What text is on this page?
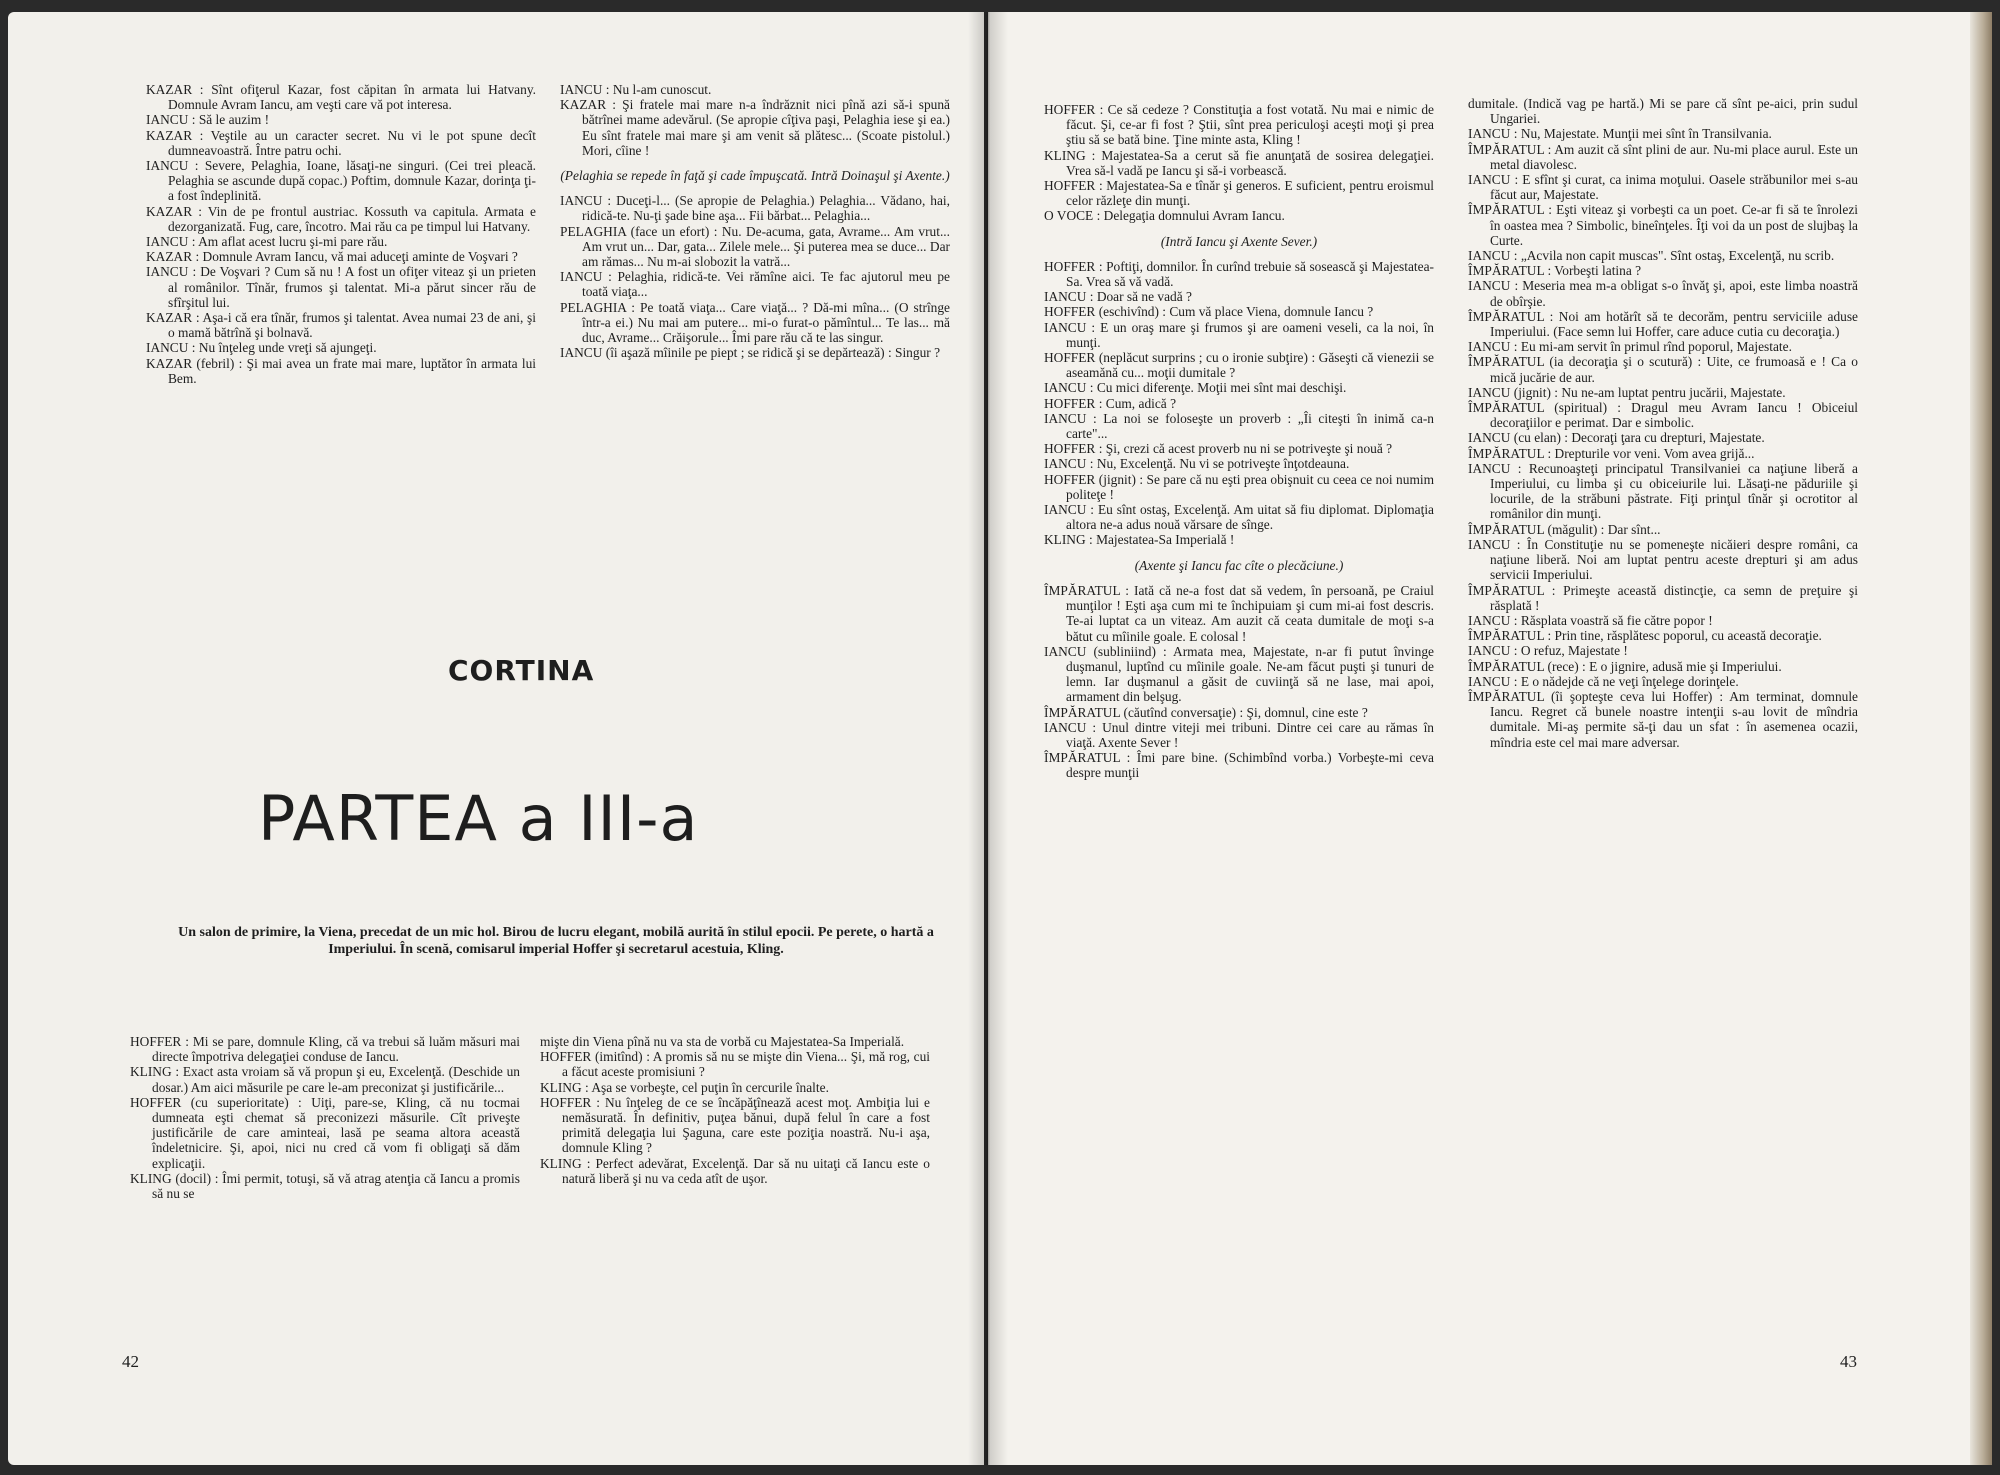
KAZAR : Sînt ofiţerul Kazar, fost căpitan în armata lui Hatvany. Domnule Avram Iancu, am veşti care vă pot interesa.

IANCU : Să le auzim !

KAZAR : Veştile au un caracter secret. Nu vi le pot spune decît dumneavoastră. Între patru ochi.

IANCU : Severe, Pelaghia, Ioane, lăsaţi-ne singuri. (Cei trei pleacă. Pelaghia se ascunde după copac.) Poftim, domnule Kazar, dorinţa ţi-a fost îndeplinită.

KAZAR : Vin de pe frontul austriac. Kossuth va capitula. Armata e dezorganizată. Fug, care, încotro. Mai rău ca pe timpul lui Hatvany.

IANCU : Am aflat acest lucru şi-mi pare rău.

KAZAR : Domnule Avram Iancu, vă mai aduceţi aminte de Voşvari ?

IANCU : De Voşvari ? Cum să nu ! A fost un ofiţer viteaz şi un prieten al românilor. Tînăr, frumos şi talentat. Mi-a părut sincer rău de sfîrşitul lui.

KAZAR : Aşa-i că era tînăr, frumos şi talentat. Avea numai 23 de ani, şi o mamă bătrînă şi bolnavă.

IANCU : Nu înţeleg unde vreţi să ajungeţi.

KAZAR (febril) : Şi mai avea un frate mai mare, luptător în armata lui Bem.

IANCU : Nu l-am cunoscut.

KAZAR : Şi fratele mai mare n-a îndrăznit nici pînă azi să-i spună bătrînei mame adevărul. (Se apropie cîţiva paşi, Pelaghia iese şi ea.) Eu sînt fratele mai mare şi am venit să plătesc... (Scoate pistolul.) Mori, cîine !

(Pelaghia se repede în faţă şi cade împuşcată. Intră Doinaşul şi Axente.)

IANCU : Duceţi-l... (Se apropie de Pelaghia.) Pelaghia... Vădano, hai, ridică-te. Nu-ţi şade bine aşa... Fii bărbat... Pelaghia...

PELAGHIA (face un efort) : Nu. De-acuma, gata, Avrame... Am vrut... Am vrut un... Dar, gata... Zilele mele... Şi puterea mea se duce... Dar am rămas... Nu m-ai slobozit la vatră...

IANCU : Pelaghia, ridică-te. Vei rămîne aici. Te fac ajutorul meu pe toată viaţa...

PELAGHIA : Pe toată viaţa... Care viaţă... ? Dă-mi mîna... (O strînge într-a ei.) Nu mai am putere... mi-o furat-o pămîntul... Te las... mă duc, Avrame... Crăişorule... Îmi pare rău că te las singur.

IANCU (îi aşază mîinile pe piept ; se ridică şi se depărtează) : Singur ?

CORTINA
PARTEA a III-a
Un salon de primire, la Viena, precedat de un mic hol. Birou de lucru elegant, mobilă aurită în stilul epocii. Pe perete, o hartă a Imperiului. În scenă, comisarul imperial Hoffer şi secretarul acestuia, Kling.

HOFFER : Mi se pare, domnule Kling, că va trebui să luăm măsuri mai directe împotriva delegaţiei conduse de Iancu.

KLING : Exact asta vroiam să vă propun şi eu, Excelenţă. (Deschide un dosar.) Am aici măsurile pe care le-am preconizat şi justificările...

HOFFER (cu superioritate) : Uiţi, pare-se, Kling, că nu tocmai dumneata eşti chemat să preconizezi măsurile. Cît priveşte justificările de care aminteai, lasă pe seama altora această îndeletnicire. Şi, apoi, nici nu cred că vom fi obligaţi să dăm explicaţii.

KLING (docil) : Îmi permit, totuşi, să vă atrag atenţia că Iancu a promis să nu se

mişte din Viena pînă nu va sta de vorbă cu Majestatea-Sa Imperială.

HOFFER (imitînd) : A promis să nu se mişte din Viena... Şi, mă rog, cui a făcut aceste promisiuni ?

KLING : Aşa se vorbeşte, cel puţin în cercurile înalte.

HOFFER : Nu înţeleg de ce se încăpăţînează acest moţ. Ambiţia lui e nemăsurată. În definitiv, puţea bănui, după felul în care a fost primită delegaţia lui Şaguna, care este poziţia noastră. Nu-i aşa, domnule Kling ?

KLING : Perfect adevărat, Excelenţă. Dar să nu uitaţi că Iancu este o natură liberă şi nu va ceda atît de uşor.

42

HOFFER : Ce să cedeze ? Constituţia a fost votată. Nu mai e nimic de făcut. Şi, ce-ar fi fost ? Ştii, sînt prea periculoşi aceşti moţi şi prea ştiu să se bată bine. Ţine minte asta, Kling !

KLING : Majestatea-Sa a cerut să fie anunţată de sosirea delegaţiei. Vrea să-l vadă pe Iancu şi să-i vorbească.

HOFFER : Majestatea-Sa e tînăr şi generos. E suficient, pentru eroismul celor răzleţe din munţi.

O VOCE : Delegaţia domnului Avram Iancu.

(Intră Iancu şi Axente Sever.)

HOFFER : Poftiţi, domnilor. În curînd trebuie să sosească şi Majestatea-Sa. Vrea să vă vadă.

IANCU : Doar să ne vadă ?

HOFFER (eschivînd) : Cum vă place Viena, domnule Iancu ?

IANCU : E un oraş mare şi frumos şi are oameni veseli, ca la noi, în munţi.

HOFFER (neplăcut surprins ; cu o ironie subţire) : Găseşti că vienezii se aseamănă cu... moţii dumitale ?

IANCU : Cu mici diferenţe. Moţii mei sînt mai deschişi.

HOFFER : Cum, adică ?

IANCU : La noi se foloseşte un proverb : „Îi citeşti în inimă ca-n carte"...

HOFFER : Şi, crezi că acest proverb nu ni se potriveşte şi nouă ?

IANCU : Nu, Excelenţă. Nu vi se potriveşte înţotdeauna.

HOFFER (jignit) : Se pare că nu eşti prea obişnuit cu ceea ce noi numim politeţe !

IANCU : Eu sînt ostaş, Excelenţă. Am uitat să fiu diplomat. Diplomaţia altora ne-a adus nouă vărsare de sînge.

KLING : Majestatea-Sa Imperială !

(Axente şi Iancu fac cîte o plecăciune.)

ÎMPĂRATUL : Iată că ne-a fost dat să vedem, în persoană, pe Craiul munţilor ! Eşti aşa cum mi te închipuiam şi cum mi-ai fost descris. Te-ai luptat ca un viteaz. Am auzit că ceata dumitale de moţi s-a bătut cu mîinile goale. E colosal !

IANCU (subliniind) : Armata mea, Majestate, n-ar fi putut învinge duşmanul, luptînd cu mîinile goale. Ne-am făcut puşti şi tunuri de lemn. Iar duşmanul a găsit de cuviinţă să ne lase, mai apoi, armament din belşug.

ÎMPĂRATUL (căutînd conversaţie) : Şi, domnul, cine este ?

IANCU : Unul dintre viteji mei tribuni. Dintre cei care au rămas în viaţă. Axente Sever !

ÎMPĂRATUL : Îmi pare bine. (Schimbînd vorba.) Vorbeşte-mi ceva despre munţii

dumitale. (Indică vag pe hartă.) Mi se pare că sînt pe-aici, prin sudul Ungariei.

IANCU : Nu, Majestate. Munţii mei sînt în Transilvania.

ÎMPĂRATUL : Am auzit că sînt plini de aur. Nu-mi place aurul. Este un metal diavolesc.

IANCU : E sfînt şi curat, ca inima moţului. Oasele străbunilor mei s-au făcut aur, Majestate.

ÎMPĂRATUL : Eşti viteaz şi vorbeşti ca un poet. Ce-ar fi să te înrolezi în oastea mea ? Simbolic, bineînţeles. Îţi voi da un post de slujbaş la Curte.

IANCU : „Acvila non capit muscas". Sînt ostaş, Excelenţă, nu scrib.

ÎMPĂRATUL : Vorbeşti latina ?

IANCU : Meseria mea m-a obligat s-o învăţ şi, apoi, este limba noastră de obîrşie.

ÎMPĂRATUL : Noi am hotărît să te decorăm, pentru serviciile aduse Imperiului. (Face semn lui Hoffer, care aduce cutia cu decoraţia.)

IANCU : Eu mi-am servit în primul rînd poporul, Majestate.

ÎMPĂRATUL (ia decoraţia şi o scutură) : Uite, ce frumoasă e ! Ca o mică jucărie de aur.

IANCU (jignit) : Nu ne-am luptat pentru jucării, Majestate.

ÎMPĂRATUL (spiritual) : Dragul meu Avram Iancu ! Obiceiul decoraţiilor e perimat. Dar e simbolic.

IANCU (cu elan) : Decoraţi ţara cu drepturi, Majestate.

ÎMPĂRATUL : Drepturile vor veni. Vom avea grijă...

IANCU : Recunoaşteţi principatul Transilvaniei ca naţiune liberă a Imperiului, cu limba şi cu obiceiurile lui. Lăsaţi-ne păduriile şi locurile, de la străbuni păstrate. Fiţi prinţul tînăr şi ocrotitor al românilor din munţi.

ÎMPĂRATUL (măgulit) : Dar sînt...

IANCU : În Constituţie nu se pomeneşte nicăieri despre români, ca naţiune liberă. Noi am luptat pentru aceste drepturi şi am adus servicii Imperiului.

ÎMPĂRATUL : Primeşte această distincţie, ca semn de preţuire şi răsplată !

IANCU : Răsplata voastră să fie către popor !

ÎMPĂRATUL : Prin tine, răsplătesc poporul, cu această decoraţie.

IANCU : O refuz, Majestate !

ÎMPĂRATUL (rece) : E o jignire, adusă mie şi Imperiului.

IANCU : E o nădejde că ne veţi înţelege dorinţele.

ÎMPĂRATUL (îi şopteşte ceva lui Hoffer) : Am terminat, domnule Iancu. Regret că bunele noastre intenţii s-au lovit de mîndria dumitale. Mi-aş permite să-ţi dau un sfat : în asemenea ocazii, mîndria este cel mai mare adversar.

43
